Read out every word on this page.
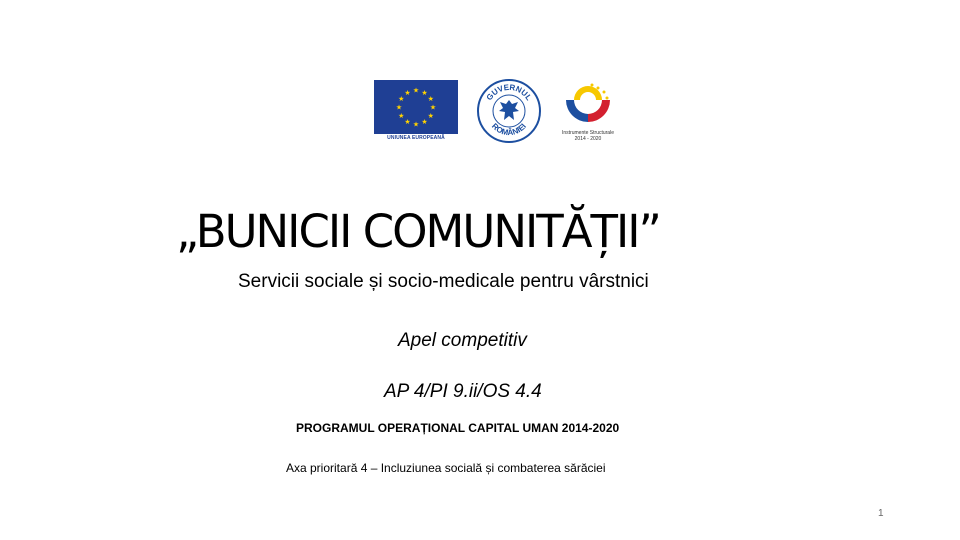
★ ★
★
★
★
★
★
★
★
★
★
★
UNIUNEA EUROPEANĂ
GUVERNUL
ROMÂNIEI
Instrumente Structurale
2014 - 2020
„BUNICII COMUNITĂȚII”
Servicii sociale și socio-medicale pentru vârstnici
Apel competitiv
AP 4/PI 9.ii/OS 4.4
PROGRAMUL OPERAȚIONAL CAPITAL UMAN 2014-2020
Axa prioritară 4 – Incluziunea socială și combaterea sărăciei
1
